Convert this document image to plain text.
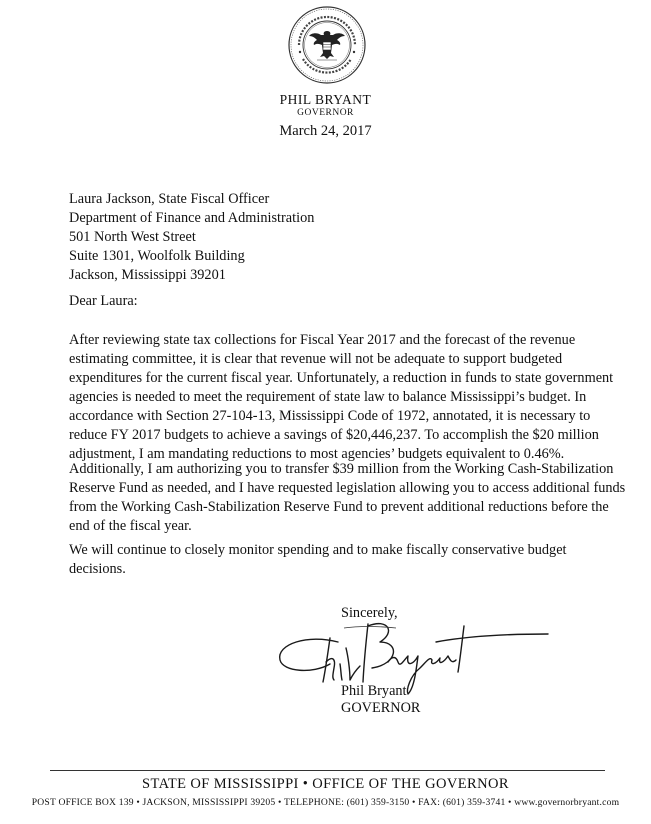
PHIL BRYANT
GOVERNOR
March 24, 2017
Laura Jackson, State Fiscal Officer
Department of Finance and Administration
501 North West Street
Suite 1301, Woolfolk Building
Jackson, Mississippi 39201
Dear Laura:
After reviewing state tax collections for Fiscal Year 2017 and the forecast of the revenue
estimating committee, it is clear that revenue will not be adequate to support budgeted
expenditures for the current fiscal year. Unfortunately, a reduction in funds to state government
agencies is needed to meet the requirement of state law to balance Mississippi’s budget. In
accordance with Section 27-104-13, Mississippi Code of 1972, annotated, it is necessary to
reduce FY 2017 budgets to achieve a savings of $20,446,237. To accomplish the $20 million
adjustment, I am mandating reductions to most agencies’ budgets equivalent to 0.46%.
Additionally, I am authorizing you to transfer $39 million from the Working Cash-Stabilization
Reserve Fund as needed, and I have requested legislation allowing you to access additional funds
from the Working Cash-Stabilization Reserve Fund to prevent additional reductions before the
end of the fiscal year.
We will continue to closely monitor spending and to make fiscally conservative budget
decisions.
Sincerely,
Phil Bryant
GOVERNOR
STATE OF MISSISSIPPI • OFFICE OF THE GOVERNOR
POST OFFICE BOX 139 • JACKSON, MISSISSIPPI 39205 • TELEPHONE: (601) 359-3150 • FAX: (601) 359-3741 • www.governorbryant.com
